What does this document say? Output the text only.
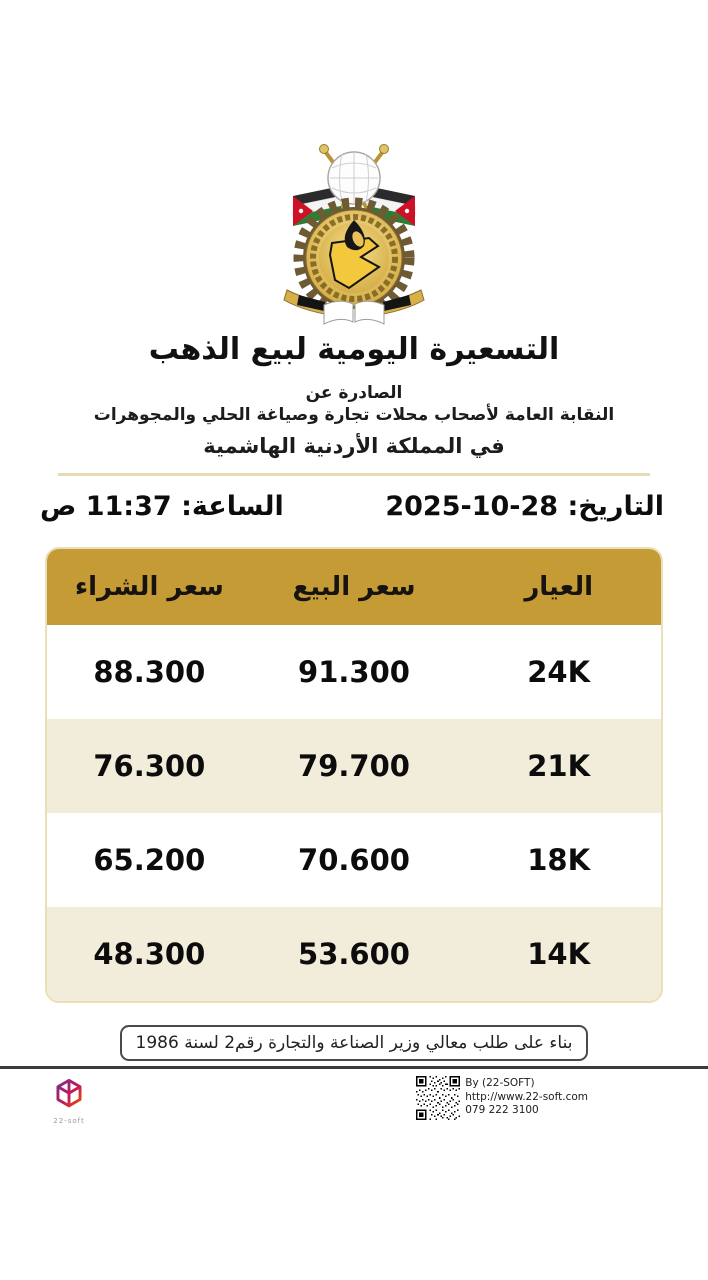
التسعيرة اليومية لبيع الذهب
الصادرة عن
النقابة العامة لأصحاب محلات تجارة وصياغة الحلي والمجوهرات
في المملكة الأردنية الهاشمية
التاريخ: 28-10-2025
الساعة: 11:37 ص
العيار	سعر البيع	سعر الشراء
24K	91.300	88.300
21K	79.700	76.300
18K	70.600	65.200
14K	53.600	48.300
بناء على طلب معالي وزير الصناعة والتجارة رقم2 لسنة 1986
22-soft
By (22-SOFT)
http://www.22-soft.com
079 222 3100
